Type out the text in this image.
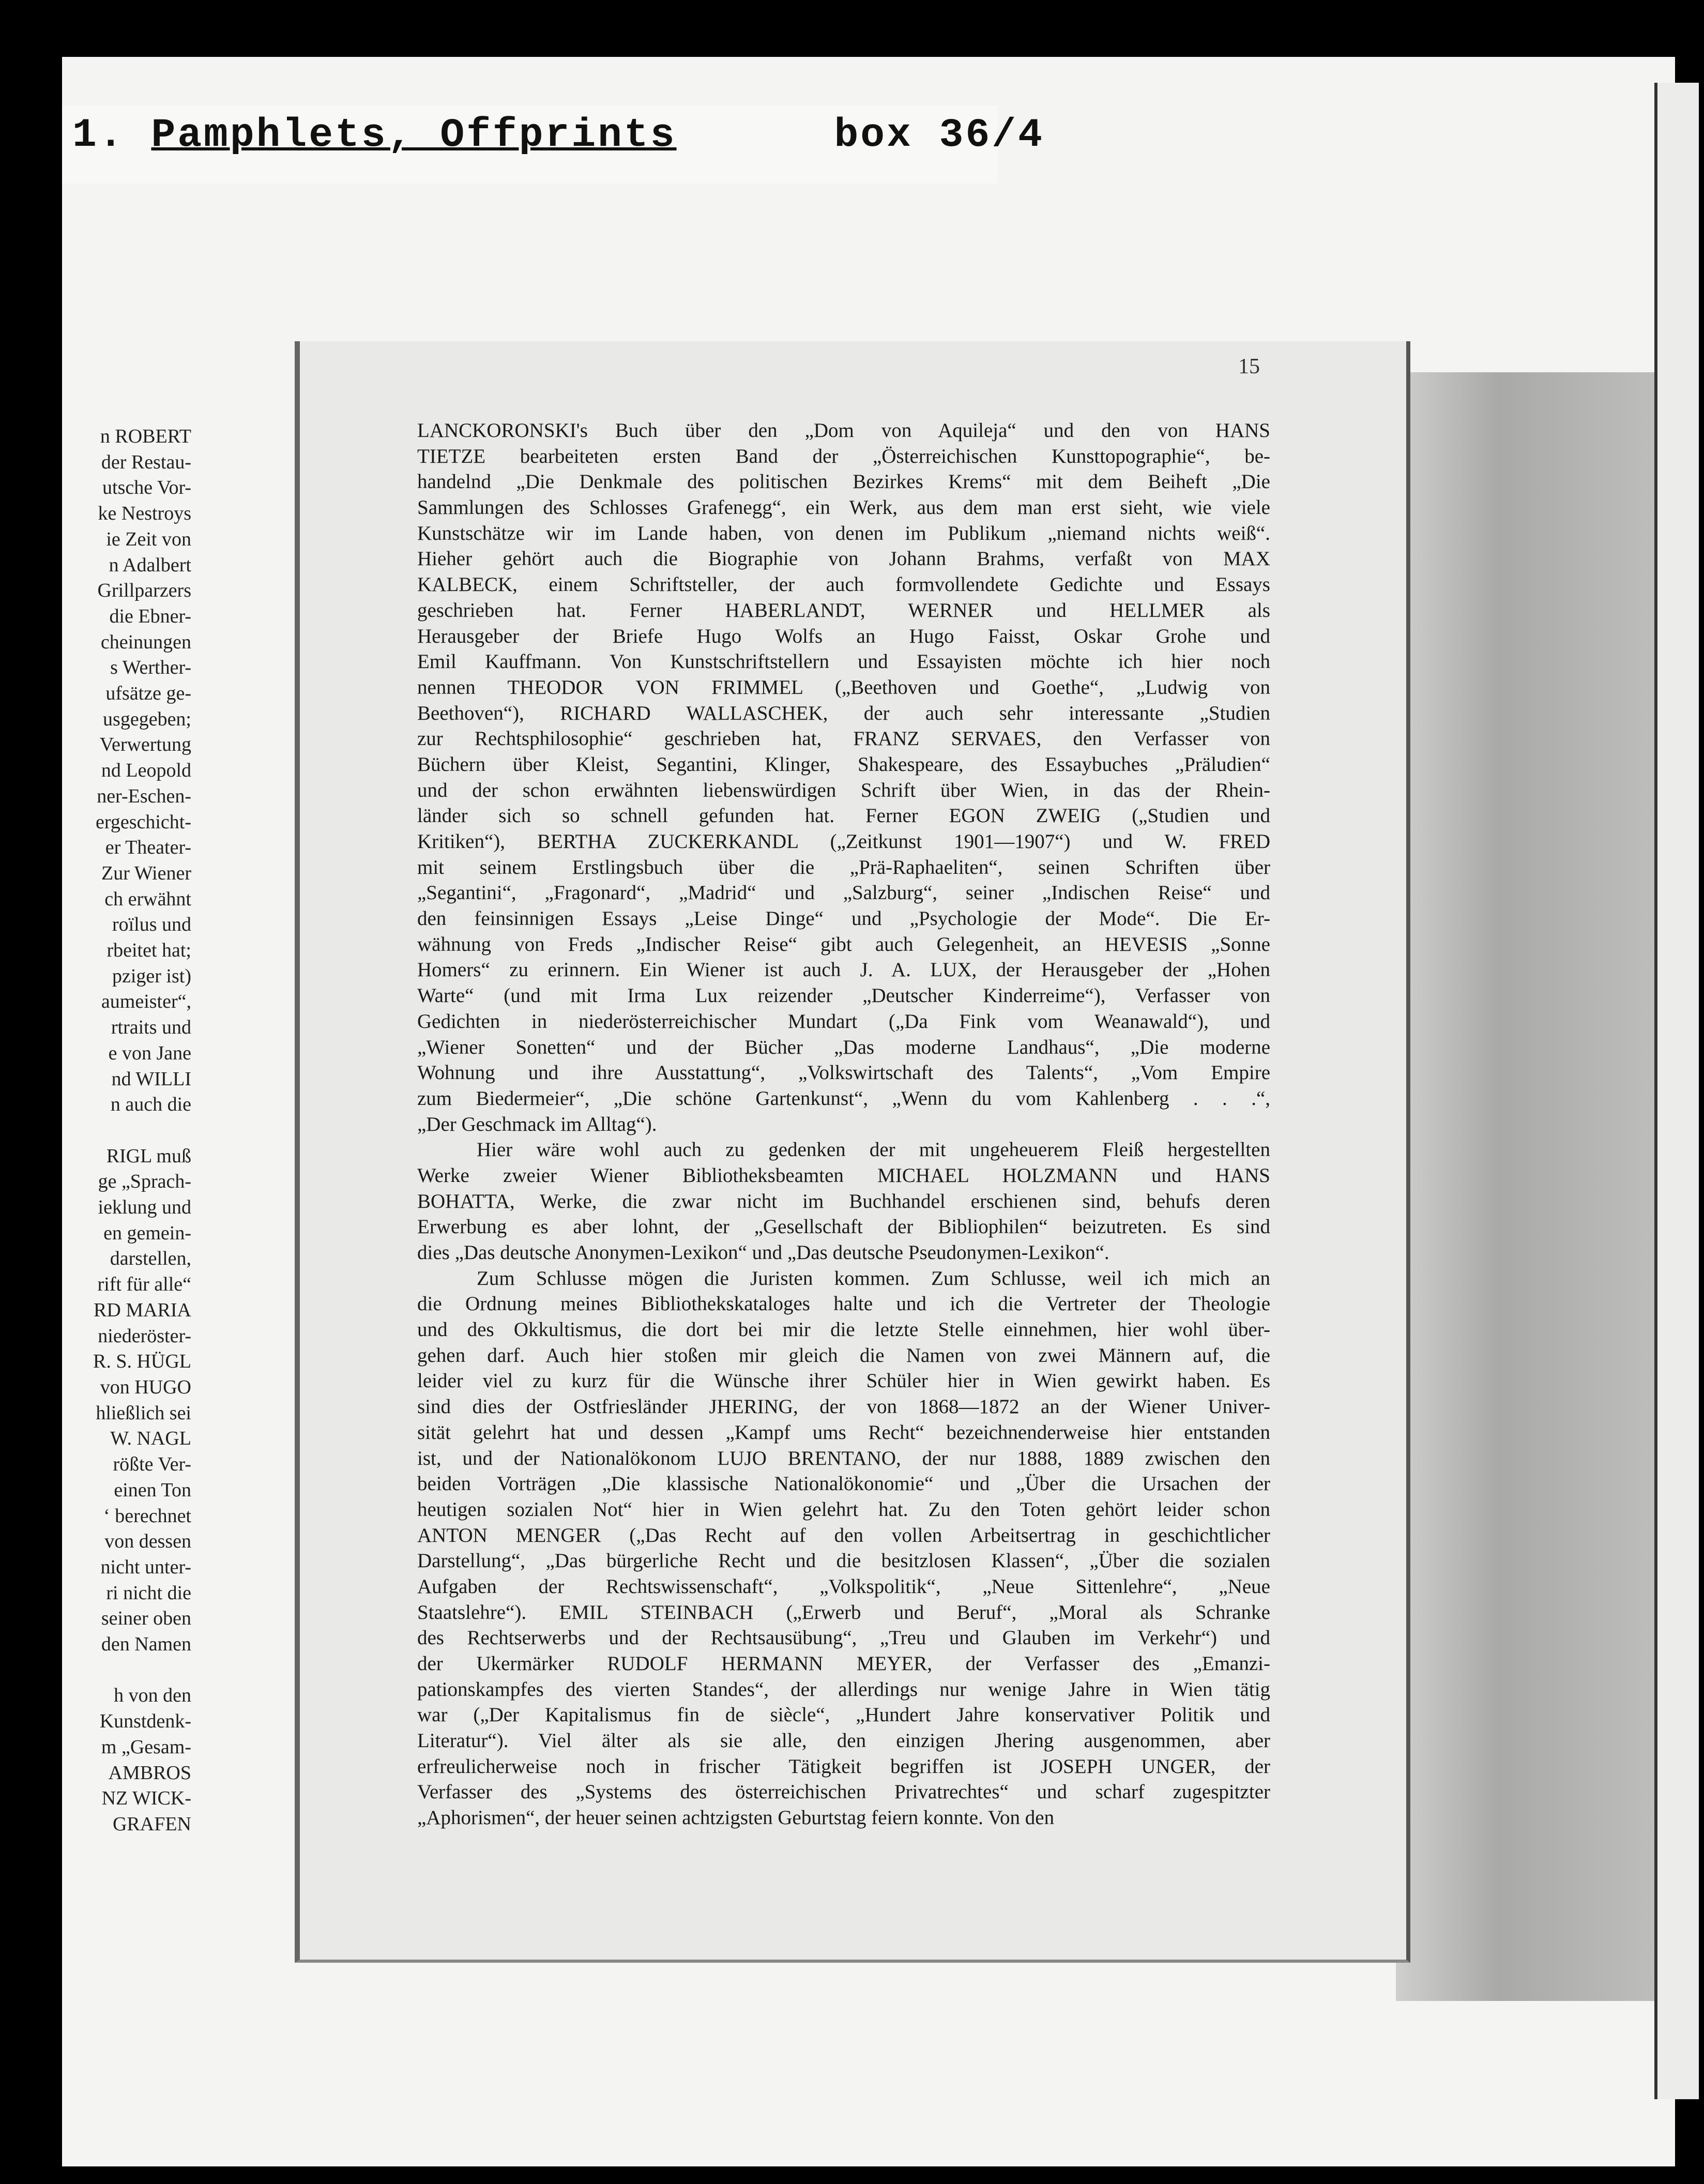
1. Pamphlets, Offprints	box 36/4
n ROBERT
der Restau-
utsche Vor-
ke Nestroys
ie Zeit von
n Adalbert
Grillparzers
die Ebner-
cheinungen
s Werther-
ufsätze ge-
usgegeben;
Verwertung
nd Leopold
ner-Eschen-
ergeschicht-
er Theater-
Zur Wiener
ch erwähnt
roïlus und
rbeitet hat;
pziger ist)
aumeister“,
rtraits und
e von Jane
nd WILLI
n auch die
RIGL muß
ge „Sprach-
ieklung und
en gemein-
darstellen,
rift für alle“
RD MARIA
niederöster-
R. S. HÜGL
von HUGO
hließlich sei
W. NAGL
rößte Ver-
einen Ton
‘ berechnet
von dessen
nicht unter-
ri nicht die
seiner oben
den Namen
h von den
Kunstdenk-
m „Gesam-
AMBROS
NZ WICK-
GRAFEN
15
LANCKORONSKI's Buch über den „Dom von Aquileja“ und den von HANS
TIETZE bearbeiteten ersten Band der „Österreichischen Kunsttopographie“, be-
handelnd „Die Denkmale des politischen Bezirkes Krems“ mit dem Beiheft „Die
Sammlungen des Schlosses Grafenegg“, ein Werk, aus dem man erst sieht, wie viele
Kunstschätze wir im Lande haben, von denen im Publikum „niemand nichts weiß“.
Hieher gehört auch die Biographie von Johann Brahms, verfaßt von MAX
KALBECK, einem Schriftsteller, der auch formvollendete Gedichte und Essays
geschrieben hat. Ferner HABERLANDT, WERNER und HELLMER als
Herausgeber der Briefe Hugo Wolfs an Hugo Faisst, Oskar Grohe und
Emil Kauffmann. Von Kunstschriftstellern und Essayisten möchte ich hier noch
nennen THEODOR VON FRIMMEL („Beethoven und Goethe“, „Ludwig von
Beethoven“), RICHARD WALLASCHEK, der auch sehr interessante „Studien
zur Rechtsphilosophie“ geschrieben hat, FRANZ SERVAES, den Verfasser von
Büchern über Kleist, Segantini, Klinger, Shakespeare, des Essaybuches „Präludien“
und der schon erwähnten liebenswürdigen Schrift über Wien, in das der Rhein-
länder sich so schnell gefunden hat. Ferner EGON ZWEIG („Studien und
Kritiken“), BERTHA ZUCKERKANDL („Zeitkunst 1901—1907“) und W. FRED
mit seinem Erstlingsbuch über die „Prä-Raphaeliten“, seinen Schriften über
„Segantini“, „Fragonard“, „Madrid“ und „Salzburg“, seiner „Indischen Reise“ und
den feinsinnigen Essays „Leise Dinge“ und „Psychologie der Mode“. Die Er-
wähnung von Freds „Indischer Reise“ gibt auch Gelegenheit, an HEVESIS „Sonne
Homers“ zu erinnern. Ein Wiener ist auch J. A. LUX, der Herausgeber der „Hohen
Warte“ (und mit Irma Lux reizender „Deutscher Kinderreime“), Verfasser von
Gedichten in niederösterreichischer Mundart („Da Fink vom Weanawald“), und
„Wiener Sonetten“ und der Bücher „Das moderne Landhaus“, „Die moderne
Wohnung und ihre Ausstattung“, „Volkswirtschaft des Talents“, „Vom Empire
zum Biedermeier“, „Die schöne Gartenkunst“, „Wenn du vom Kahlenberg . . .“,
„Der Geschmack im Alltag“).
Hier wäre wohl auch zu gedenken der mit ungeheuerem Fleiß hergestellten
Werke zweier Wiener Bibliotheksbeamten MICHAEL HOLZMANN und HANS
BOHATTA, Werke, die zwar nicht im Buchhandel erschienen sind, behufs deren
Erwerbung es aber lohnt, der „Gesellschaft der Bibliophilen“ beizutreten. Es sind
dies „Das deutsche Anonymen-Lexikon“ und „Das deutsche Pseudonymen-Lexikon“.
Zum Schlusse mögen die Juristen kommen. Zum Schlusse, weil ich mich an
die Ordnung meines Bibliothekskataloges halte und ich die Vertreter der Theologie
und des Okkultismus, die dort bei mir die letzte Stelle einnehmen, hier wohl über-
gehen darf. Auch hier stoßen mir gleich die Namen von zwei Männern auf, die
leider viel zu kurz für die Wünsche ihrer Schüler hier in Wien gewirkt haben. Es
sind dies der Ostfriesländer JHERING, der von 1868—1872 an der Wiener Univer-
sität gelehrt hat und dessen „Kampf ums Recht“ bezeichnenderweise hier entstanden
ist, und der Nationalökonom LUJO BRENTANO, der nur 1888, 1889 zwischen den
beiden Vorträgen „Die klassische Nationalökonomie“ und „Über die Ursachen der
heutigen sozialen Not“ hier in Wien gelehrt hat. Zu den Toten gehört leider schon
ANTON MENGER („Das Recht auf den vollen Arbeitsertrag in geschichtlicher
Darstellung“, „Das bürgerliche Recht und die besitzlosen Klassen“, „Über die sozialen
Aufgaben der Rechtswissenschaft“, „Volkspolitik“, „Neue Sittenlehre“, „Neue
Staatslehre“). EMIL STEINBACH („Erwerb und Beruf“, „Moral als Schranke
des Rechtserwerbs und der Rechtsausübung“, „Treu und Glauben im Verkehr“) und
der Ukermärker RUDOLF HERMANN MEYER, der Verfasser des „Emanzi-
pationskampfes des vierten Standes“, der allerdings nur wenige Jahre in Wien tätig
war („Der Kapitalismus fin de siècle“, „Hundert Jahre konservativer Politik und
Literatur“). Viel älter als sie alle, den einzigen Jhering ausgenommen, aber
erfreulicherweise noch in frischer Tätigkeit begriffen ist JOSEPH UNGER, der
Verfasser des „Systems des österreichischen Privatrechtes“ und scharf zugespitzter
„Aphorismen“, der heuer seinen achtzigsten Geburtstag feiern konnte. Von den
